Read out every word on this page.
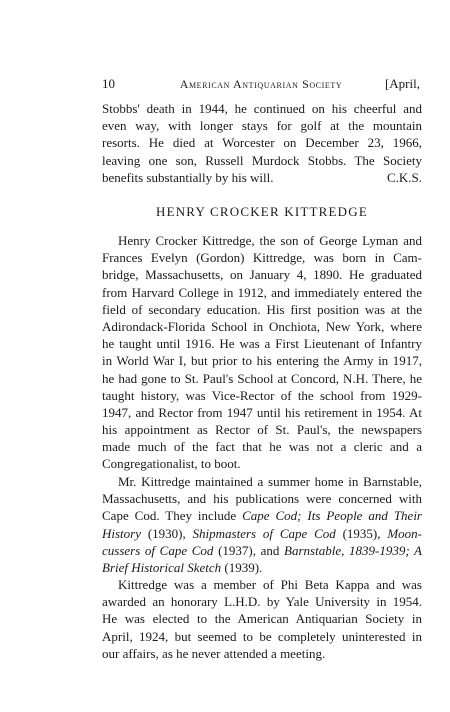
10	American Antiquarian Society	[April,
Stobbs' death in 1944, he continued on his cheerful and
even way, with longer stays for golf at the mountain
resorts. He died at Worcester on December 23, 1966,
leaving one son, Russell Murdock Stobbs. The Society
benefits substantially by his will.	C.K.S.
HENRY CROCKER KITTREDGE
Henry Crocker Kittredge, the son of George Lyman and
Frances Evelyn (Gordon) Kittredge, was born in Cam-
bridge, Massachusetts, on January 4, 1890. He graduated
from Harvard College in 1912, and immediately entered the
field of secondary education. His first position was at the
Adirondack-Florida School in Onchiota, New York, where
he taught until 1916. He was a First Lieutenant of Infantry
in World War I, but prior to his entering the Army in 1917,
he had gone to St. Paul's School at Concord, N.H. There, he
taught history, was Vice-Rector of the school from 1929-
1947, and Rector from 1947 until his retirement in 1954. At
his appointment as Rector of St. Paul's, the newspapers
made much of the fact that he was not a cleric and a
Congregationalist, to boot.
Mr. Kittredge maintained a summer home in Barnstable,
Massachusetts, and his publications were concerned with
Cape Cod. They include Cape Cod; Its People and Their
History (1930), Shipmasters of Cape Cod (1935), Moon-
cussers of Cape Cod (1937), and Barnstable, 1839-1939; A
Brief Historical Sketch (1939).
Kittredge was a member of Phi Beta Kappa and was
awarded an honorary L.H.D. by Yale University in 1954.
He was elected to the American Antiquarian Society in
April, 1924, but seemed to be completely uninterested in
our affairs, as he never attended a meeting.
